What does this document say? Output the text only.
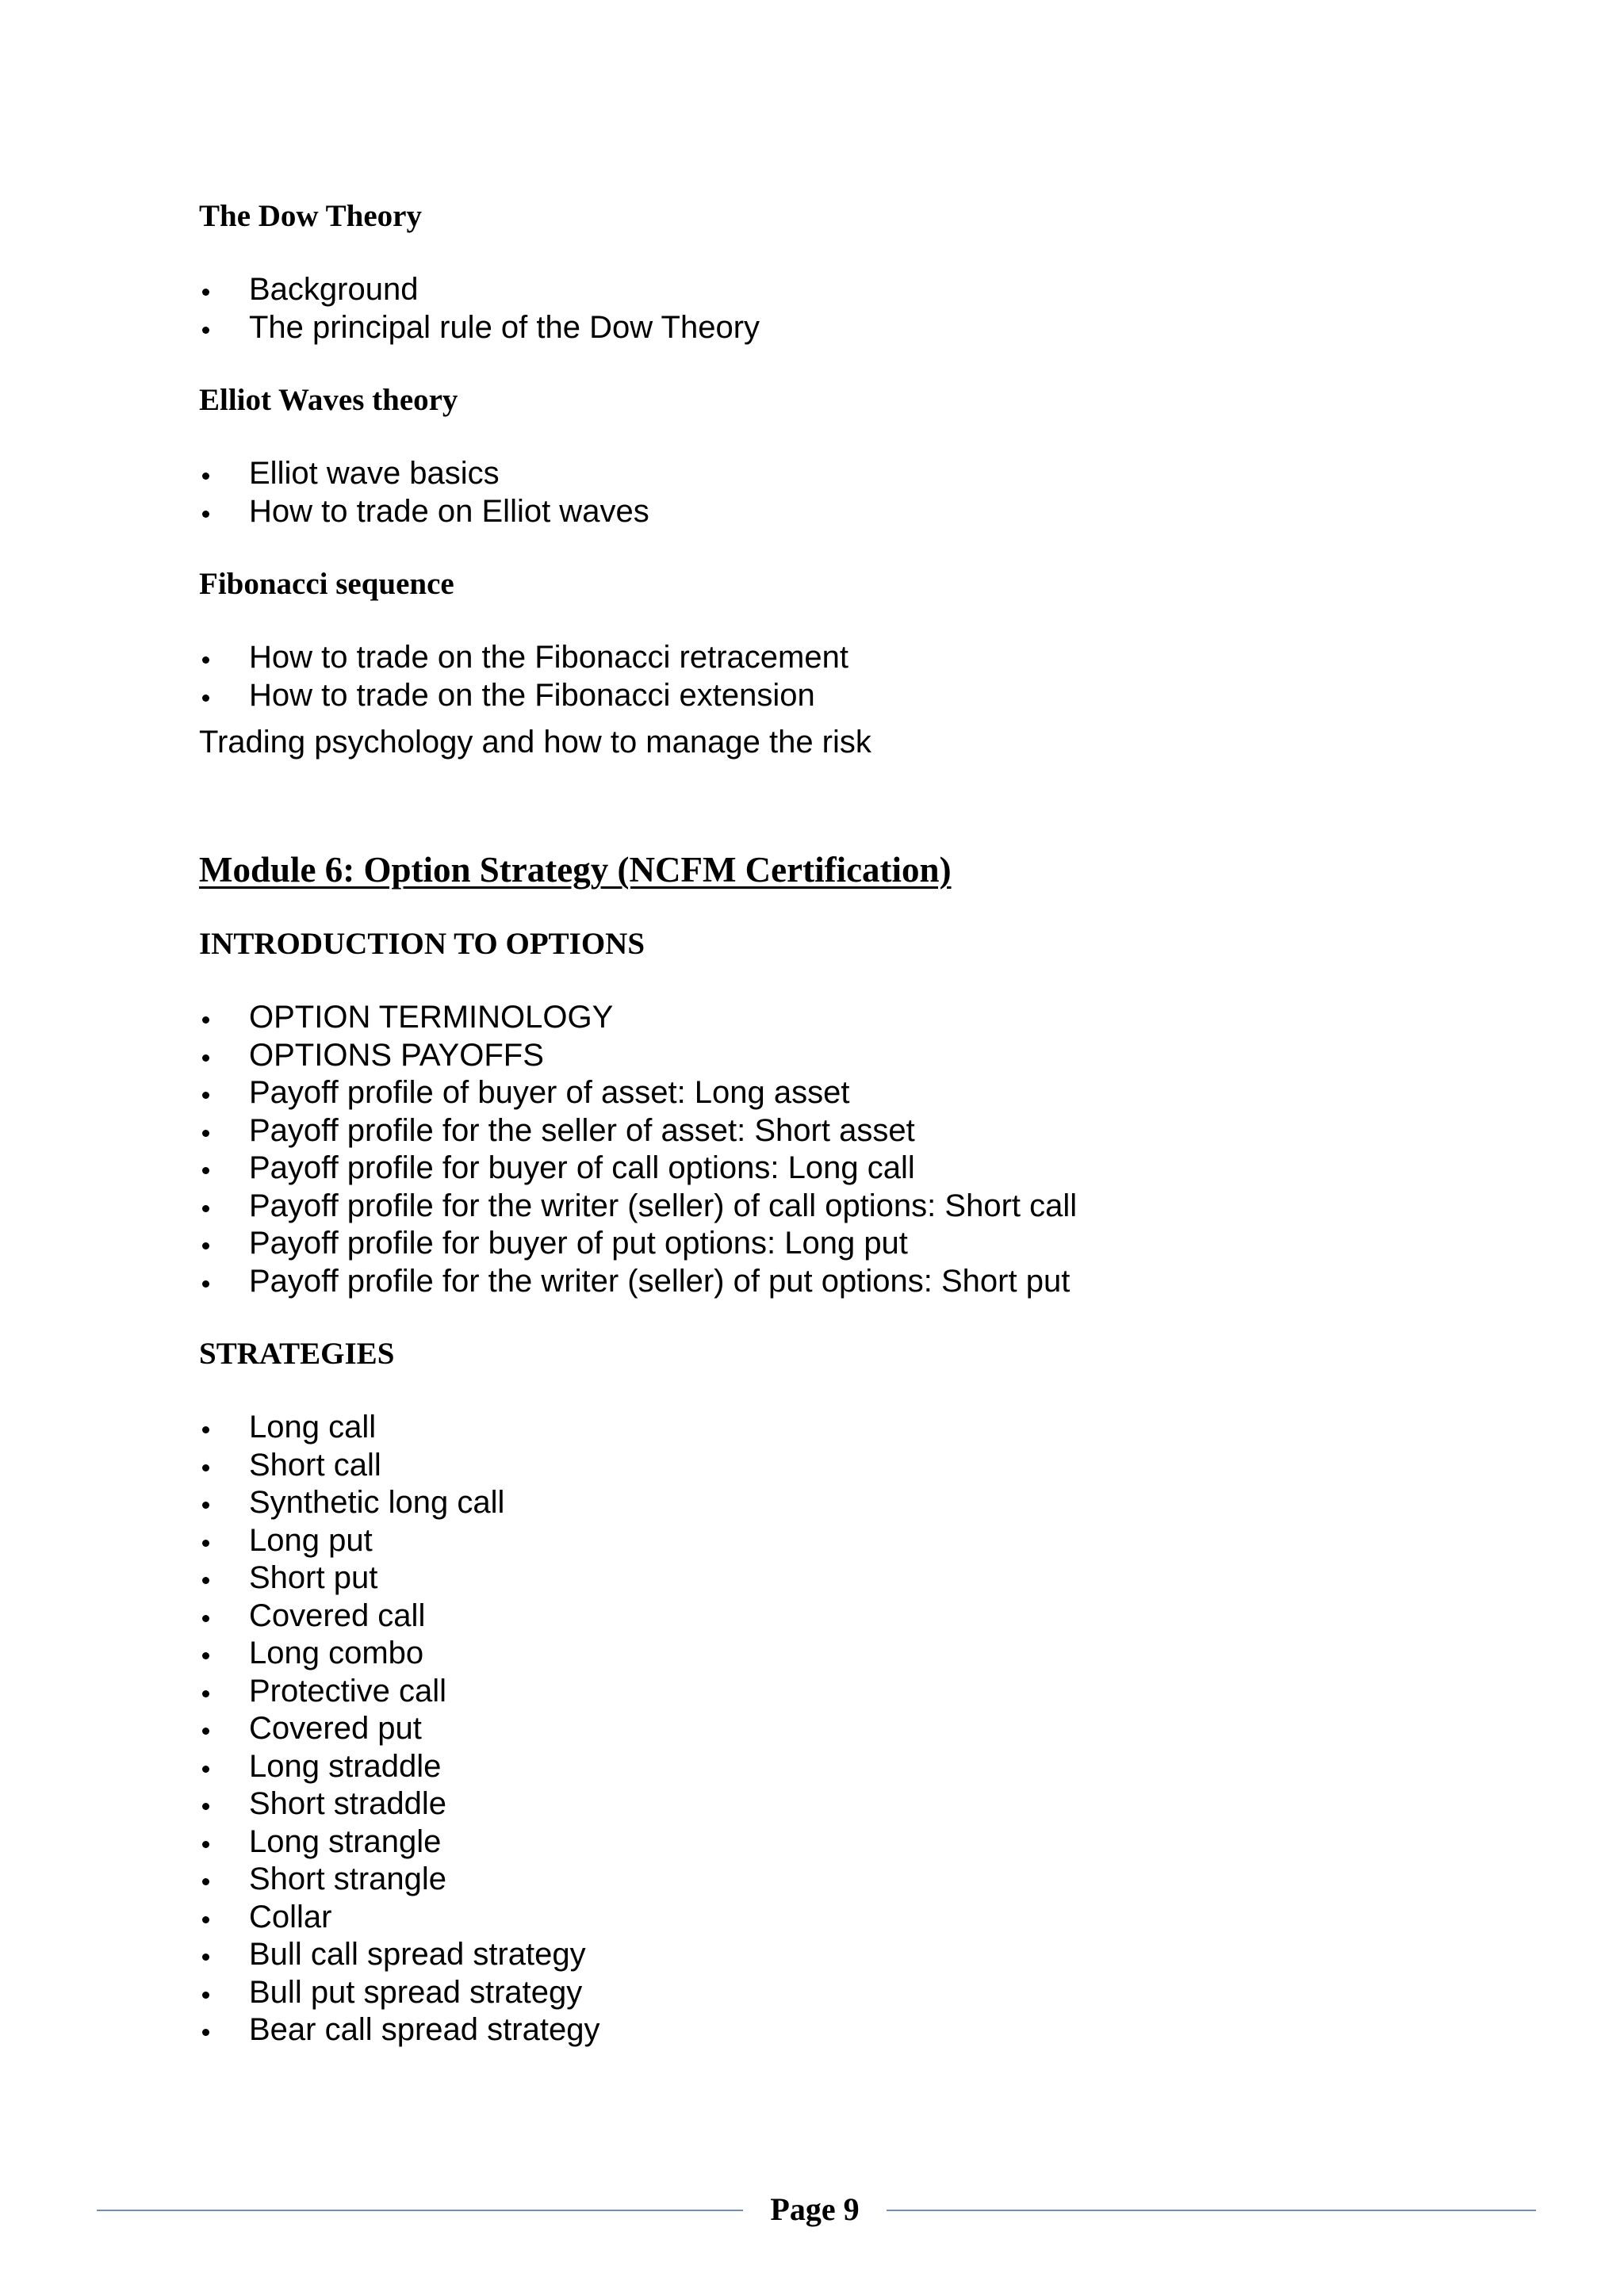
The Dow Theory
Background
The principal rule of the Dow Theory
Elliot Waves theory
Elliot wave basics
How to trade on Elliot waves
Fibonacci sequence
How to trade on the Fibonacci retracement
How to trade on the Fibonacci extension

Trading psychology and how to manage the risk

Module 6: Option Strategy (NCFM Certification)
INTRODUCTION TO OPTIONS
OPTION TERMINOLOGY
OPTIONS PAYOFFS
Payoff profile of buyer of asset: Long asset
Payoff profile for the seller of asset: Short asset
Payoff profile for buyer of call options: Long call
Payoff profile for the writer (seller) of call options: Short call
Payoff profile for buyer of put options: Long put
Payoff profile for the writer (seller) of put options: Short put
STRATEGIES
Long call
Short call
Synthetic long call
Long put
Short put
Covered call
Long combo
Protective call
Covered put
Long straddle
Short straddle
Long strangle
Short strangle
Collar
Bull call spread strategy
Bull put spread strategy
Bear call spread strategy
Page 9
